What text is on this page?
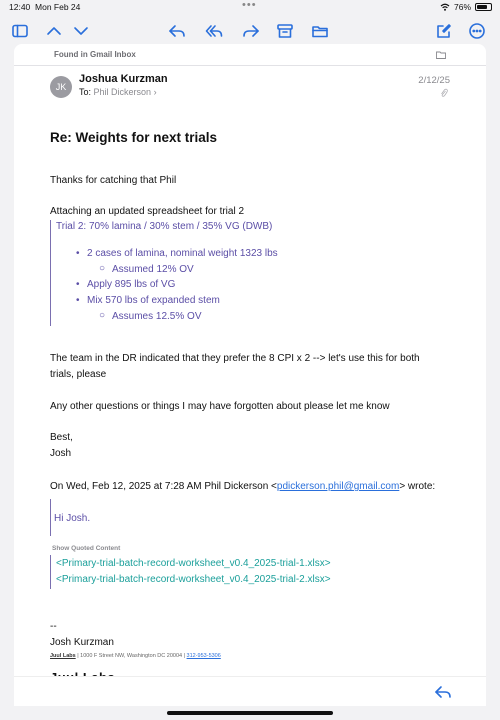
12:40 Mon Feb 24	•••	76%
Found in Gmail Inbox
JK
Joshua Kurzman
To: Phil Dickerson ›
2/12/25
Re: Weights for next trials
Thanks for catching that Phil
Attaching an updated spreadsheet for trial 2
Trial 2: 70% lamina / 30% stem / 35% VG (DWB)
• 2 cases of lamina, nominal weight 1323 lbs
○ Assumed 12% OV
• Apply 895 lbs of VG
• Mix 570 lbs of expanded stem
○ Assumes 12.5% OV
The team in the DR indicated that they prefer the 8 CPI x 2 --> let's use this for both
trials, please
Any other questions or things I may have forgotten about please let me know
Best,
Josh
On Wed, Feb 12, 2025 at 7:28 AM Phil Dickerson <pdickerson.phil@gmail.com> wrote:
Hi Josh.
Show Quoted Content
<Primary-trial-batch-record-worksheet_v0.4_2025-trial-1.xlsx>
<Primary-trial-batch-record-worksheet_v0.4_2025-trial-2.xlsx>
--
Josh Kurzman
Juul Labs | 1000 F Street NW, Washington DC 20004 | 312-953-5306
